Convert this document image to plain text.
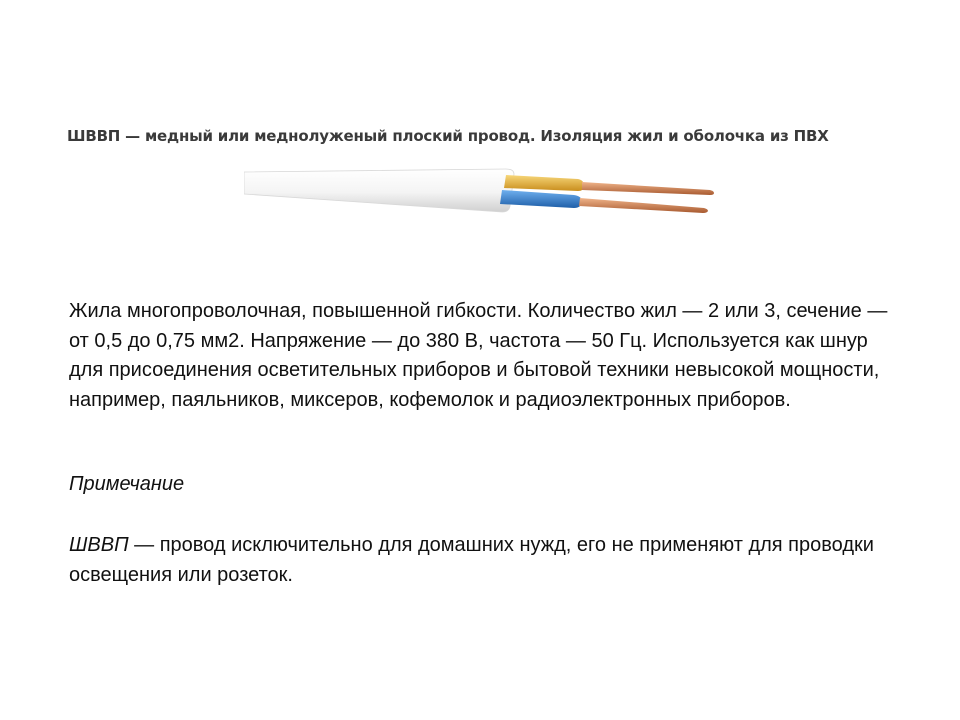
ШВВП — медный или меднолуженый плоский провод. Изоляция жил и оболочка из ПВХ

Жила многопроволочная, повышенной гибкости. Количество жил — 2 или 3, сечение — от 0,5 до 0,75 мм2. Напряжение — до 380 В, частота — 50 Гц. Используется как шнур для присоединения осветительных приборов и бытовой техники невысокой мощности, например, паяльников, миксеров, кофемолок и радиоэлектронных приборов.

Примечание

ШВВП — провод исключительно для домашних нужд, его не применяют для проводки освещения или розеток.
